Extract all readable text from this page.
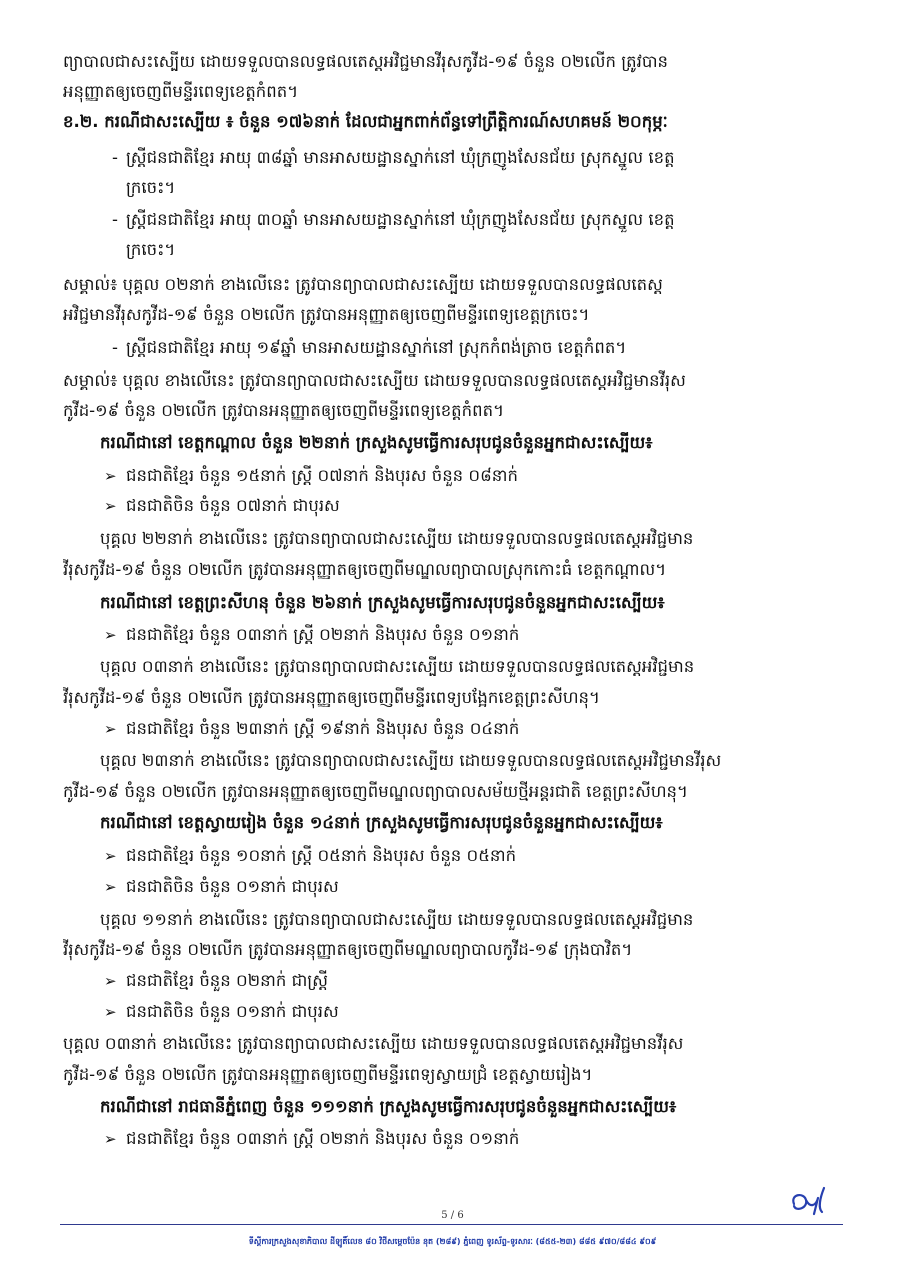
ព្យាបាលជាសះស្បើយ ដោយទទួលបានលទ្ធផលតេស្តអវិជ្ជមានវីរុសកូវីដ-១៩ ចំនួន ០២លើក ត្រូវបាន
អនុញ្ញាតឲ្យចេញពីមន្ទីរពេទ្យខេត្តកំពត។
ខ.២. ករណីជាសះស្បើយ ៖ ចំនួន ១៧៦នាក់ ដែលជាអ្នកពាក់ព័ន្ធទៅព្រឹត្តិការណ៍សហគមន៍ ២០កុម្ភៈ
- ស្ត្រីជនជាតិខ្មែរ អាយុ ៣៨ឆ្នាំ មានអាសយដ្ឋានស្នាក់នៅ ឃុំក្រញូងសែនជ័យ ស្រុកស្នួល ខេត្ត
ក្រចេះ។
- ស្ត្រីជនជាតិខ្មែរ អាយុ ៣០ឆ្នាំ មានអាសយដ្ឋានស្នាក់នៅ ឃុំក្រញូងសែនជ័យ ស្រុកស្នួល ខេត្ត
ក្រចេះ។
សម្គាល់៖ បុគ្គល ០២នាក់ ខាងលើនេះ ត្រូវបានព្យាបាលជាសះស្បើយ ដោយទទួលបានលទ្ធផលតេស្ត
អវិជ្ជមានវីរុសកូវីដ-១៩ ចំនួន ០២លើក ត្រូវបានអនុញ្ញាតឲ្យចេញពីមន្ទីរពេទ្យខេត្តក្រចេះ។
- ស្ត្រីជនជាតិខ្មែរ អាយុ ១៩ឆ្នាំ មានអាសយដ្ឋានស្នាក់នៅ ស្រុកកំពង់ត្រាច ខេត្តកំពត។
សម្គាល់៖ បុគ្គល ខាងលើនេះ ត្រូវបានព្យាបាលជាសះស្បើយ ដោយទទួលបានលទ្ធផលតេស្តអវិជ្ជមានវីរុស
កូវីដ-១៩ ចំនួន ០២លើក ត្រូវបានអនុញ្ញាតឲ្យចេញពីមន្ទីរពេទ្យខេត្តកំពត។
ករណីជានៅ ខេត្តកណ្តាល ចំនួន ២២នាក់ ក្រសួងសូមធ្វើការសរុបជូនចំនួនអ្នកជាសះស្បើយ៖
➢ ជនជាតិខ្មែរ ចំនួន ១៥នាក់ ស្ត្រី ០៧នាក់ និងបុរស ចំនួន ០៨នាក់
➢ ជនជាតិចិន ចំនួន ០៧នាក់ ជាបុរស
បុគ្គល ២២នាក់ ខាងលើនេះ ត្រូវបានព្យាបាលជាសះស្បើយ ដោយទទួលបានលទ្ធផលតេស្តអវិជ្ជមាន
វីរុសកូវីដ-១៩ ចំនួន ០២លើក ត្រូវបានអនុញ្ញាតឲ្យចេញពីមណ្ឌលព្យាបាលស្រុកកោះធំ ខេត្តកណ្តាល។
ករណីជានៅ ខេត្តព្រះសីហនុ ចំនួន ២៦នាក់ ក្រសួងសូមធ្វើការសរុបជូនចំនួនអ្នកជាសះស្បើយ៖
➢ ជនជាតិខ្មែរ ចំនួន ០៣នាក់ ស្ត្រី ០២នាក់ និងបុរស ចំនួន ០១នាក់
បុគ្គល ០៣នាក់ ខាងលើនេះ ត្រូវបានព្យាបាលជាសះស្បើយ ដោយទទួលបានលទ្ធផលតេស្តអវិជ្ជមាន
វីរុសកូវីដ-១៩ ចំនួន ០២លើក ត្រូវបានអនុញ្ញាតឲ្យចេញពីមន្ទីរពេទ្យបង្អែកខេត្តព្រះសីហនុ។
➢ ជនជាតិខ្មែរ ចំនួន ២៣នាក់ ស្ត្រី ១៩នាក់ និងបុរស ចំនួន ០៤នាក់
បុគ្គល ២៣នាក់ ខាងលើនេះ ត្រូវបានព្យាបាលជាសះស្បើយ ដោយទទួលបានលទ្ធផលតេស្តអវិជ្ជមានវីរុស
កូវីដ-១៩ ចំនួន ០២លើក ត្រូវបានអនុញ្ញាតឲ្យចេញពីមណ្ឌលព្យាបាលសម័យថ្មីអន្តរជាតិ ខេត្តព្រះសីហនុ។
ករណីជានៅ ខេត្តស្វាយរៀង ចំនួន ១៤នាក់ ក្រសួងសូមធ្វើការសរុបជូនចំនួនអ្នកជាសះស្បើយ៖
➢ ជនជាតិខ្មែរ ចំនួន ១០នាក់ ស្ត្រី ០៥នាក់ និងបុរស ចំនួន ០៥នាក់
➢ ជនជាតិចិន ចំនួន ០១នាក់ ជាបុរស
បុគ្គល ១១នាក់ ខាងលើនេះ ត្រូវបានព្យាបាលជាសះស្បើយ ដោយទទួលបានលទ្ធផលតេស្តអវិជ្ជមាន
វីរុសកូវីដ-១៩ ចំនួន ០២លើក ត្រូវបានអនុញ្ញាតឲ្យចេញពីមណ្ឌលព្យាបាលកូវីដ-១៩ ក្រុងបាវិត។
➢ ជនជាតិខ្មែរ ចំនួន ០២នាក់ ជាស្ត្រី
➢ ជនជាតិចិន ចំនួន ០១នាក់ ជាបុរស
បុគ្គល ០៣នាក់ ខាងលើនេះ ត្រូវបានព្យាបាលជាសះស្បើយ ដោយទទួលបានលទ្ធផលតេស្តអវិជ្ជមានវីរុស
កូវីដ-១៩ ចំនួន ០២លើក ត្រូវបានអនុញ្ញាតឲ្យចេញពីមន្ទីរពេទ្យស្វាយជ្រំ ខេត្តស្វាយរៀង។
ករណីជានៅ រាជធានីភ្នំពេញ ចំនួន ១១១នាក់ ក្រសួងសូមធ្វើការសរុបជូនចំនួនអ្នកជាសះស្បើយ៖
➢ ជនជាតិខ្មែរ ចំនួន ០៣នាក់ ស្ត្រី ០២នាក់ និងបុរស ចំនួន ០១នាក់
5 / 6
ទីស្តីការក្រសួងសុខាភិបាល ដីឡូតិ៍លេខ ៨០ វិថីសម្តេចប៉ែន នុត (២៨៩) ភ្នំពេញ ទូរស័ព្ទ-ទូរសារៈ (៨៥៥-២៣) ៨៨៥ ៩៧០/៨៨៤ ៩០៩
